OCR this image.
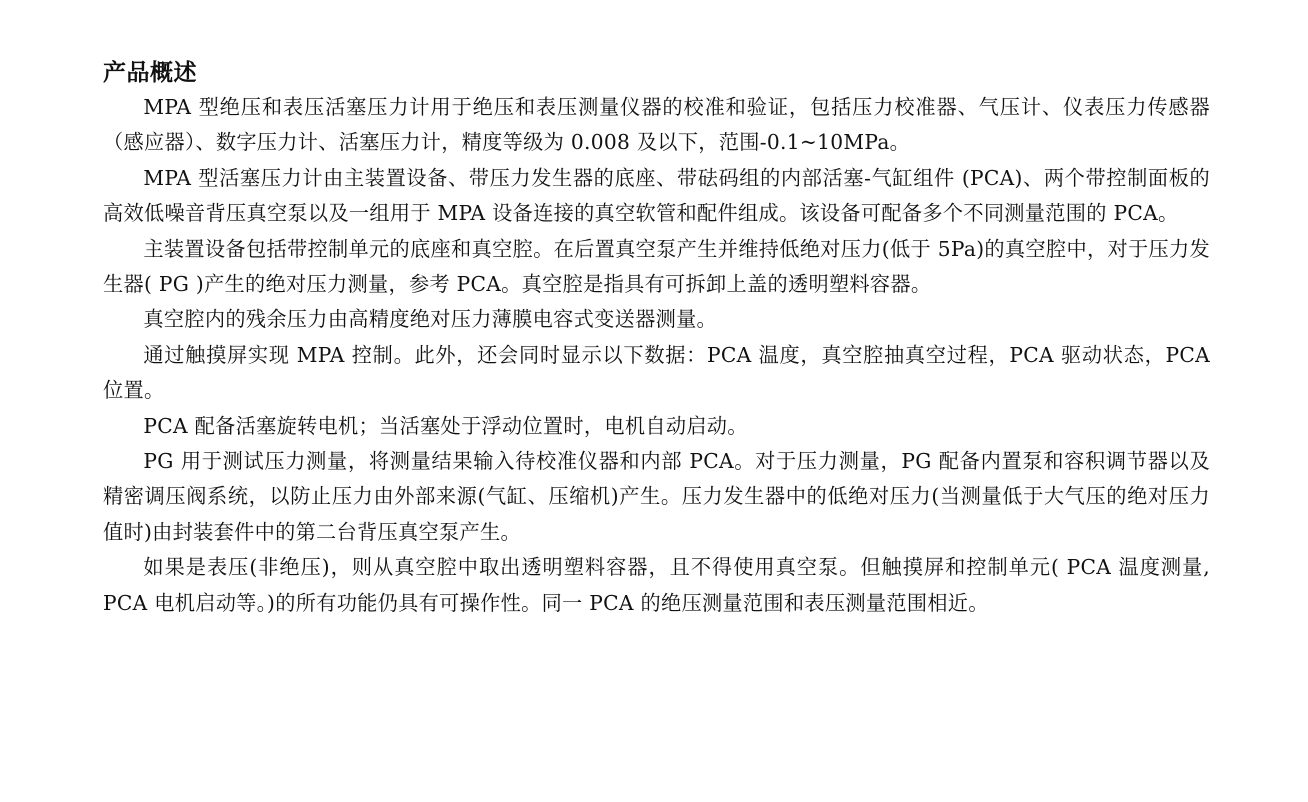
产品概述

MPA 型绝压和表压活塞压力计用于绝压和表压测量仪器的校准和验证，包括压力校准器、气压计、仪表压力传感器（感应器）、数字压力计、活塞压力计，精度等级为 0.008 及以下，范围-0.1~10MPa。

MPA 型活塞压力计由主装置设备、带压力发生器的底座、带砝码组的内部活塞-气缸组件 (PCA)、两个带控制面板的高效低噪音背压真空泵以及一组用于 MPA 设备连接的真空软管和配件组成。该设备可配备多个不同测量范围的 PCA。

主装置设备包括带控制单元的底座和真空腔。在后置真空泵产生并维持低绝对压力(低于 5Pa)的真空腔中，对于压力发生器( PG )产生的绝对压力测量，参考 PCA。真空腔是指具有可拆卸上盖的透明塑料容器。

真空腔内的残余压力由高精度绝对压力薄膜电容式变送器测量。

通过触摸屏实现 MPA 控制。此外，还会同时显示以下数据：PCA 温度，真空腔抽真空过程，PCA 驱动状态，PCA 位置。

PCA 配备活塞旋转电机；当活塞处于浮动位置时，电机自动启动。

PG 用于测试压力测量，将测量结果输入待校准仪器和内部 PCA。对于压力测量，PG 配备内置泵和容积调节器以及精密调压阀系统，以防止压力由外部来源(气缸、压缩机)产生。压力发生器中的低绝对压力(当测量低于大气压的绝对压力值时)由封装套件中的第二台背压真空泵产生。

如果是表压(非绝压)，则从真空腔中取出透明塑料容器，且不得使用真空泵。但触摸屏和控制单元( PCA 温度测量, PCA 电机启动等。)的所有功能仍具有可操作性。同一 PCA 的绝压测量范围和表压测量范围相近。
